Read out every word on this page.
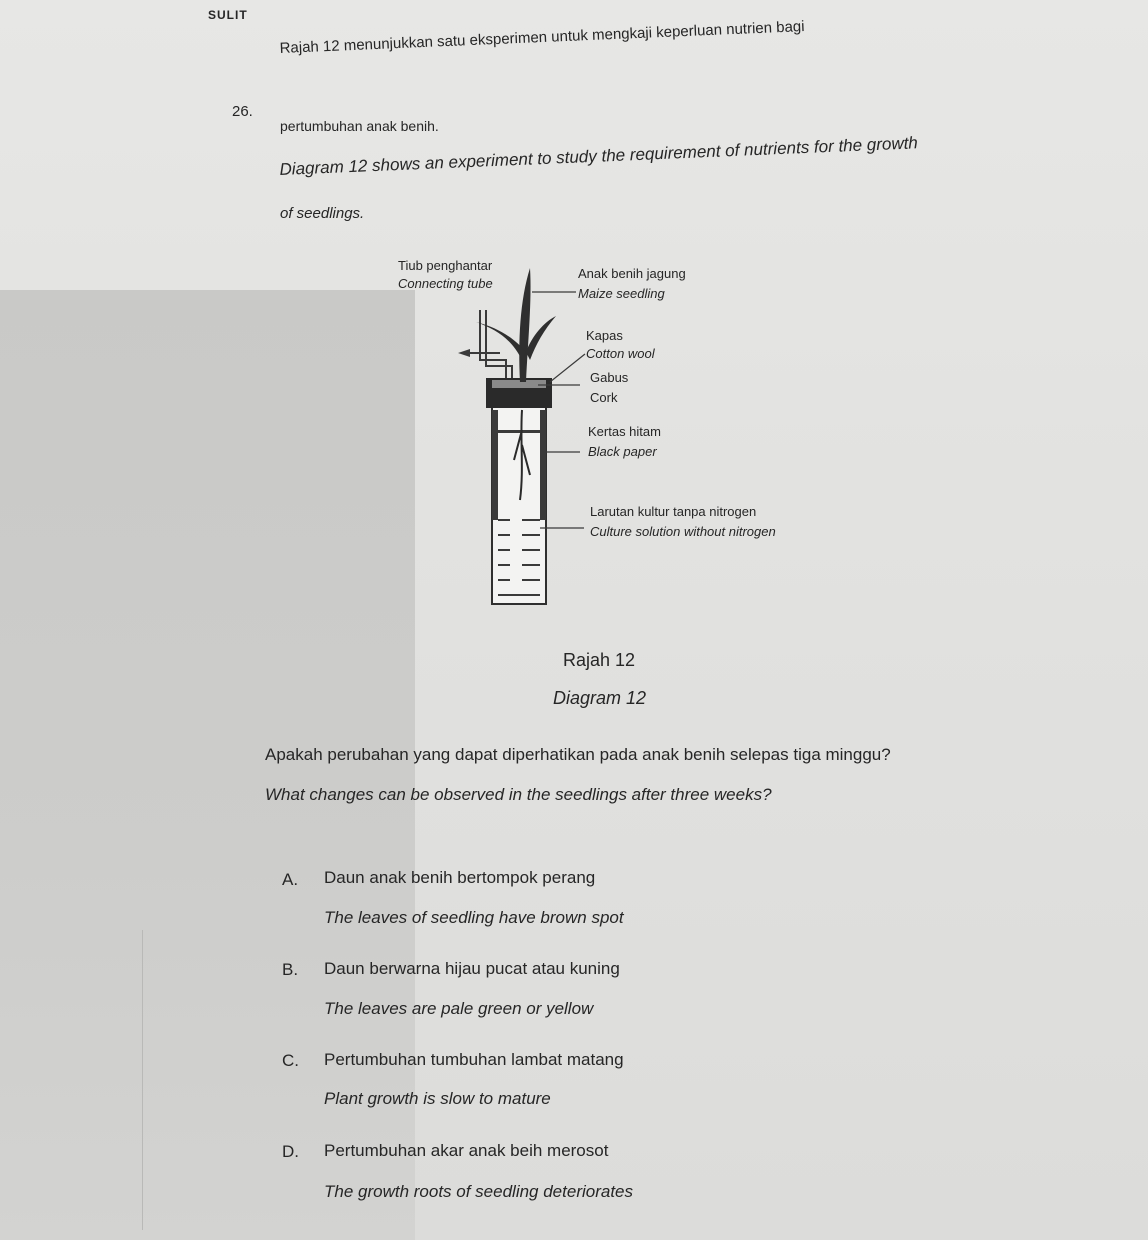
SULIT
26.
Rajah 12 menunjukkan satu eksperimen untuk mengkaji keperluan nutrien bagi
pertumbuhan anak benih.
Diagram 12 shows an experiment to study the requirement of nutrients for the growth
of seedlings.
Tiub penghantar
Connecting tube
Anak benih jagung
Maize seedling
Kapas
Cotton wool
Gabus
Cork
Kertas hitam
Black paper
Larutan kultur tanpa nitrogen
Culture solution without nitrogen
Rajah 12
Diagram 12
Apakah perubahan yang dapat diperhatikan pada anak benih selepas tiga minggu?
What changes can be observed in the seedlings after three weeks?
A. Daun anak benih bertompok perang
The leaves of seedling have brown spot
B. Daun berwarna hijau pucat atau kuning
The leaves are pale green or yellow
C. Pertumbuhan tumbuhan lambat matang
Plant growth is slow to mature
D. Pertumbuhan akar anak beih merosot
The growth roots of seedling deteriorates
